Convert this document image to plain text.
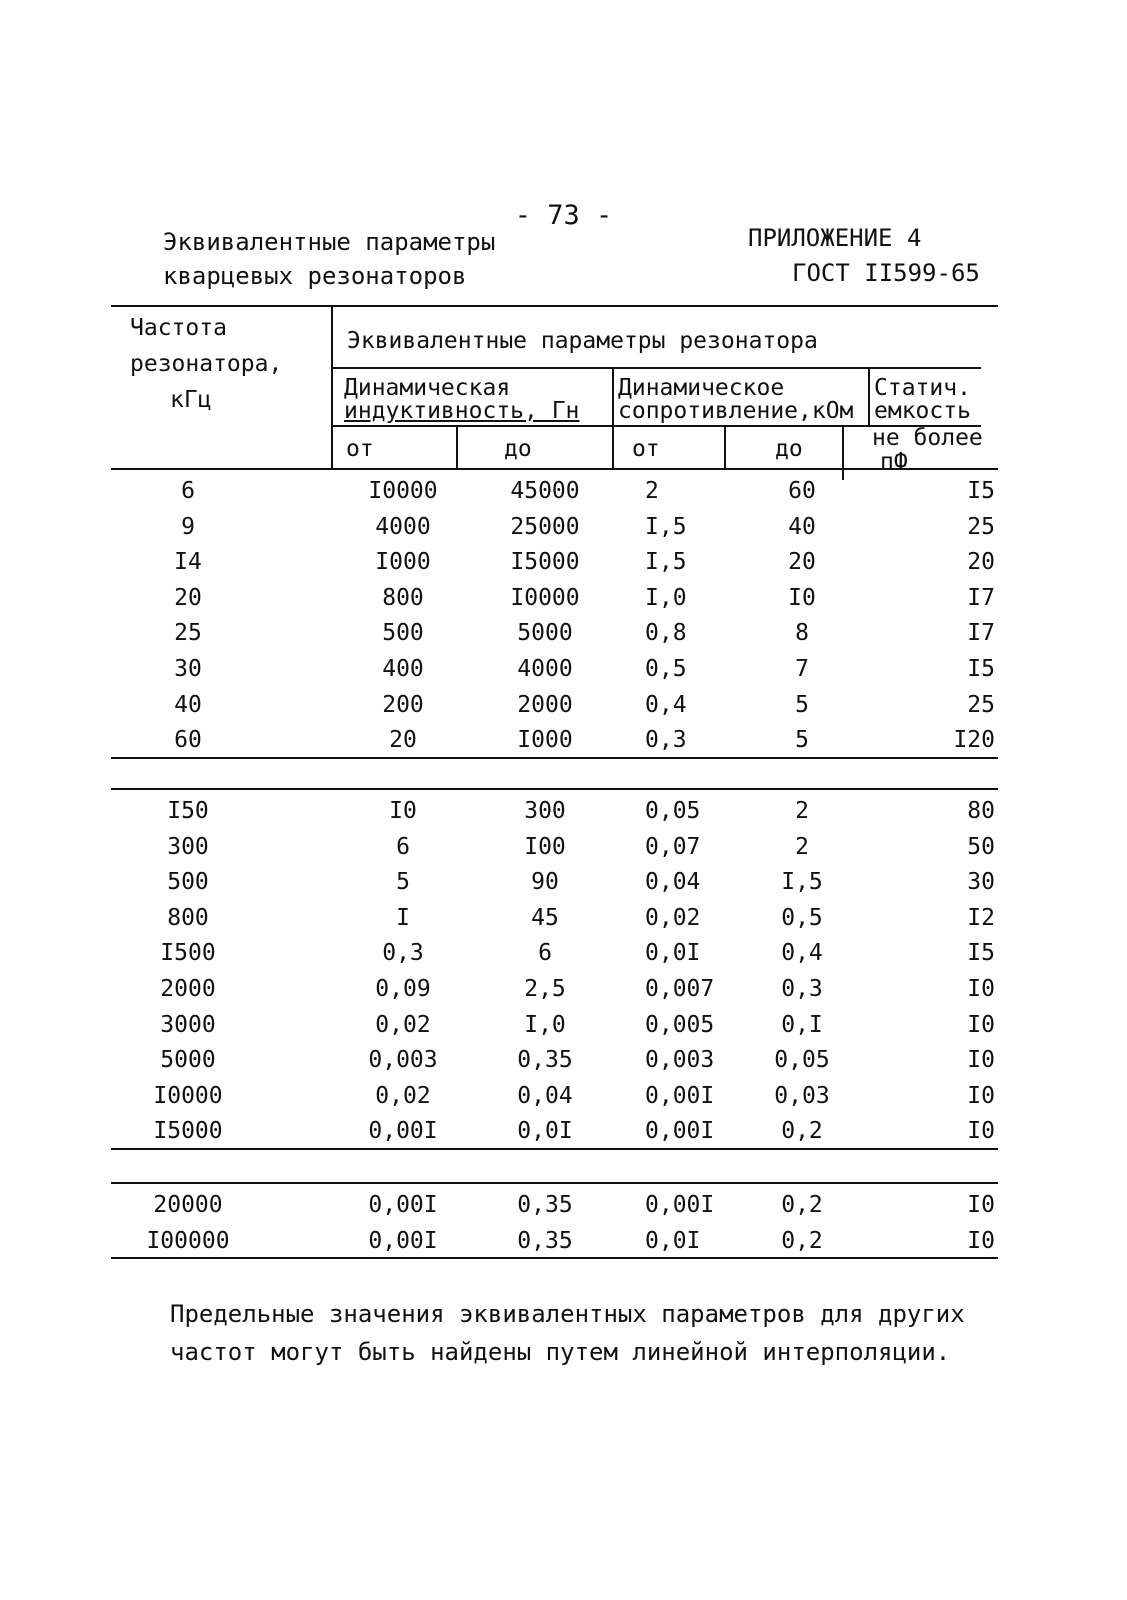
- 73 -
Эквивалентные параметры
кварцевых резонаторов
ПРИЛОЖЕНИЕ 4
ГОСТ II599-65
Частота
резонатора,
кГц
Эквивалентные параметры резонатора
Динамическая
индуктивность, Гн
Динамическое
сопротивление,кОм
Статич.
емкость
от	до	от	до	не более
пФ
6	I0000	45000	2	60	I5
9	4000	25000	I,5	40	25
I4	I000	I5000	I,5	20	20
20	800	I0000	I,0	I0	I7
25	500	5000	0,8	8	I7
30	400	4000	0,5	7	I5
40	200	2000	0,4	5	25
60	20	I000	0,3	5	I20
I50	I0	300	0,05	2	80
300	6	I00	0,07	2	50
500	5	90	0,04	I,5	30
800	I	45	0,02	0,5	I2
I500	0,3	6	0,0I	0,4	I5
2000	0,09	2,5	0,007	0,3	I0
3000	0,02	I,0	0,005	0,I	I0
5000	0,003	0,35	0,003	0,05	I0
I0000	0,02	0,04	0,00I	0,03	I0
I5000	0,00I	0,0I	0,00I	0,2	I0
20000	0,00I	0,35	0,00I	0,2	I0
I00000	0,00I	0,35	0,0I	0,2	I0
Предельные значения эквивалентных параметров для других
частот могут быть найдены путем линейной интерполяции.
